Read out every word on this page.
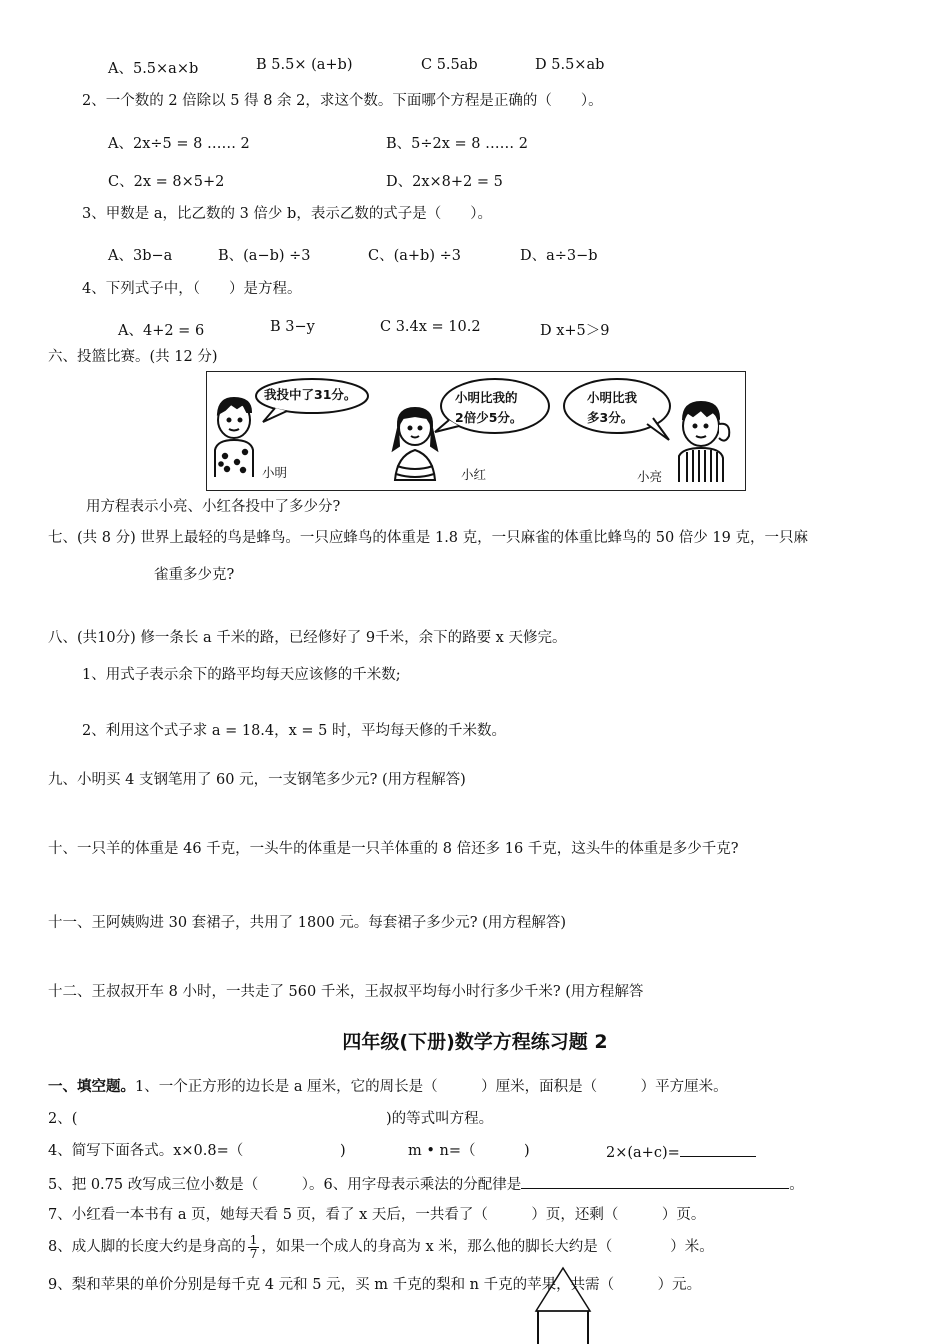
A、5.5×a×b	B 5.5× (a+b)	C 5.5ab	D 5.5×ab
2、一个数的 2 倍除以 5 得 8 余 2，求这个数。下面哪个方程是正确的（　　）。
A、2x÷5 = 8 …… 2	B、5÷2x = 8 …… 2
C、2x = 8×5+2	D、2x×8+2 = 5
3、甲数是 a，比乙数的 3 倍少 b，表示乙数的式子是（　　）。
A、3b−a	B、(a−b) ÷3	C、(a+b) ÷3	D、a÷3−b
4、下列式子中，（　　）是方程。
A、4+2 = 6	B 3−y	C 3.4x = 10.2	D x+5＞9
六、投篮比赛。(共 12 分)
我投中了31分。	小明比我的
2倍少5分。
小明比我
多3分。
小明	小红	小亮
用方程表示小亮、小红各投中了多少分?
七、(共 8 分) 世界上最轻的鸟是蜂鸟。一只应蜂鸟的体重是 1.8 克，一只麻雀的体重比蜂鸟的 50 倍少 19 克，一只麻
雀重多少克?
八、(共10分) 修一条长 a 千米的路，已经修好了 9千米，余下的路要 x 天修完。
1、用式子表示余下的路平均每天应该修的千米数;
2、利用这个式子求 a = 18.4，x = 5 时，平均每天修的千米数。
九、小明买 4 支钢笔用了 60 元，一支钢笔多少元? (用方程解答)
十、一只羊的体重是 46 千克，一头牛的体重是一只羊体重的 8 倍还多 16 千克，这头牛的体重是多少千克?
十一、王阿姨购进 30 套裙子，共用了 1800 元。每套裙子多少元? (用方程解答)
十二、王叔叔开车 8 小时，一共走了 560 千米，王叔叔平均每小时行多少千米? (用方程解答
四年级(下册)数学方程练习题 2
一、填空题。1、一个正方形的边长是 a 厘米，它的周长是（　　　）厘米，面积是（　　　）平方厘米。
2、(	)的等式叫方程。
4、简写下面各式。x×0.8=（	)	m • n=（	)	2×(a+c)=
5、把 0.75 改写成三位小数是（　　　）。6、用字母表示乘法的分配律是	。
7、小红看一本书有 a 页，她每天看 5 页，看了 x 天后，一共看了（　　　）页，还剩（　　　）页。
8、成人脚的长度大约是身高的 $\frac{1}{7}$ ，如果一个成人的身高为 x 米，那么他的脚长大约是（　　　　）米。
9、梨和苹果的单价分别是每千克 4 元和 5 元，买 m 千克的梨和 n 千克的苹果，共需（　　　）元。
